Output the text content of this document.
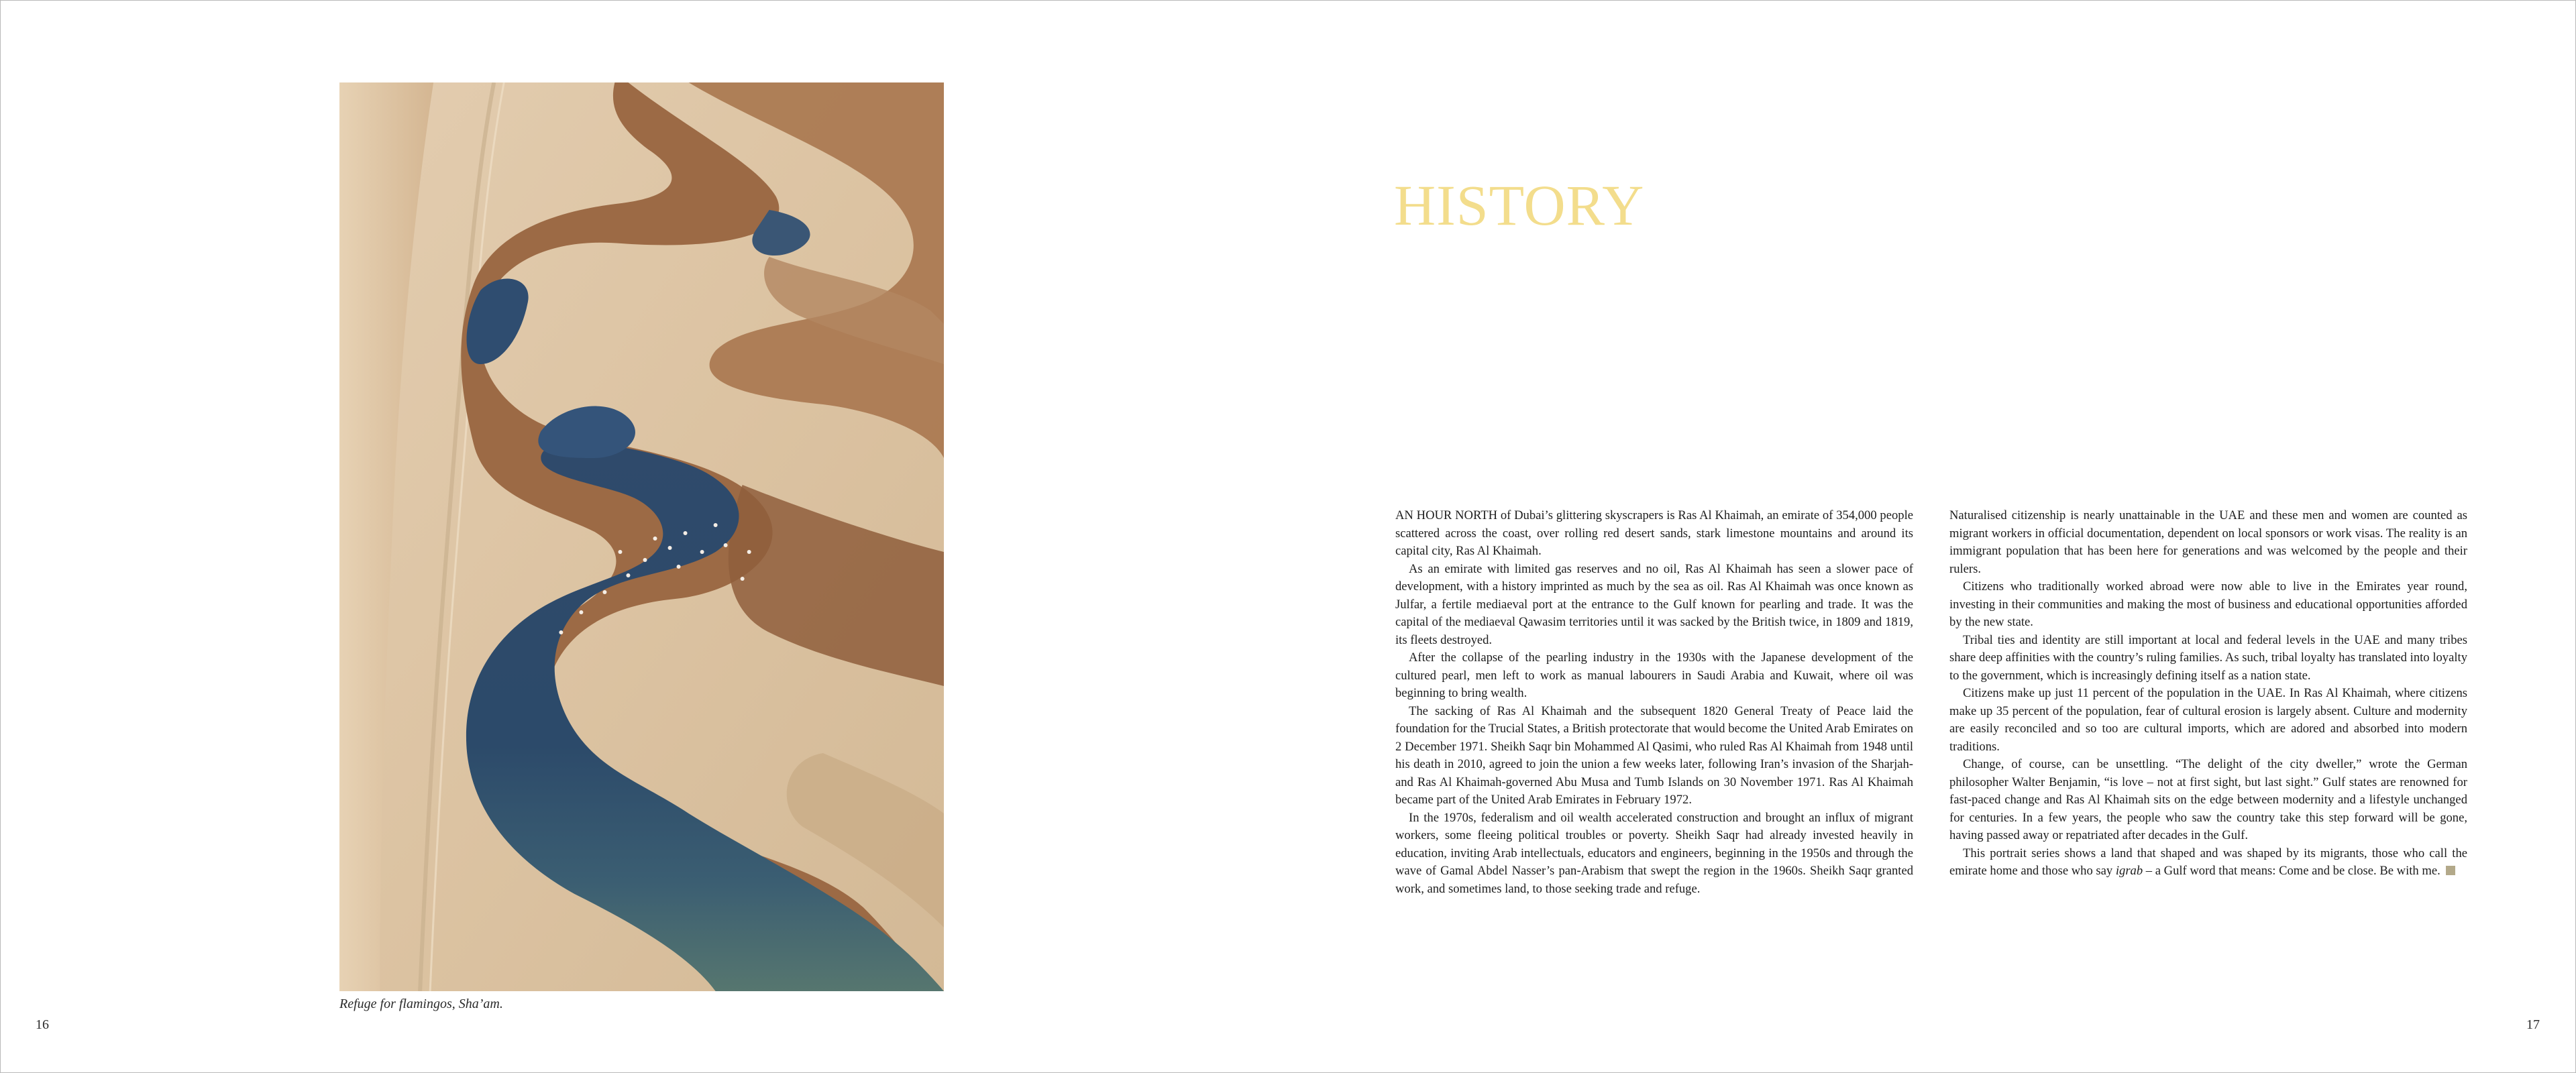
Refuge for flamingos, Sha’am.
16
HISTORY

AN HOUR NORTH of Dubai’s glittering skyscrapers is Ras Al Khaimah, an emirate of 354,000 people scattered across the coast, over rolling red desert sands, stark limestone mountains and around its capital city, Ras Al Khaimah.

As an emirate with limited gas reserves and no oil, Ras Al Khaimah has seen a slower pace of development, with a history imprinted as much by the sea as oil. Ras Al Khaimah was once known as Julfar, a fertile mediaeval port at the entrance to the Gulf known for pearling and trade. It was the capital of the mediaeval Qawasim territories until it was sacked by the British twice, in 1809 and 1819, its fleets destroyed.

After the collapse of the pearling industry in the 1930s with the Japanese development of the cultured pearl, men left to work as manual labourers in Saudi Arabia and Kuwait, where oil was beginning to bring wealth.

The sacking of Ras Al Khaimah and the subsequent 1820 General Treaty of Peace laid the foundation for the Trucial States, a British protectorate that would become the United Arab Emirates on 2 December 1971. Sheikh Saqr bin Mohammed Al Qasimi, who ruled Ras Al Khaimah from 1948 until his death in 2010, agreed to join the union a few weeks later, following Iran’s invasion of the Sharjah- and Ras Al Khaimah-governed Abu Musa and Tumb Islands on 30 November 1971. Ras Al Khaimah became part of the United Arab Emirates in February 1972.

In the 1970s, federalism and oil wealth accelerated construction and brought an influx of migrant workers, some fleeing political troubles or poverty. Sheikh Saqr had already invested heavily in education, inviting Arab intellectuals, educators and engineers, beginning in the 1950s and through the wave of Gamal Abdel Nasser’s pan-Arabism that swept the region in the 1960s. Sheikh Saqr granted work, and sometimes land, to those seeking trade and refuge.

Naturalised citizenship is nearly unattainable in the UAE and these men and women are counted as migrant workers in official documentation, dependent on local sponsors or work visas. The reality is an immigrant population that has been here for generations and was welcomed by the people and their rulers.

Citizens who traditionally worked abroad were now able to live in the Emirates year round, investing in their communities and making the most of business and educational opportunities afforded by the new state.

Tribal ties and identity are still important at local and federal levels in the UAE and many tribes share deep affinities with the country’s ruling families. As such, tribal loyalty has translated into loyalty to the government, which is increasingly defining itself as a nation state.

Citizens make up just 11 percent of the population in the UAE. In Ras Al Khaimah, where citizens make up 35 percent of the population, fear of cultural erosion is largely absent. Culture and modernity are easily reconciled and so too are cultural imports, which are adored and absorbed into modern traditions.

Change, of course, can be unsettling. “The delight of the city dweller,” wrote the German philosopher Walter Benjamin, “is love – not at first sight, but last sight.” Gulf states are renowned for fast-paced change and Ras Al Khaimah sits on the edge between modernity and a lifestyle unchanged for centuries. In a few years, the people who saw the country take this step forward will be gone, having passed away or repatriated after decades in the Gulf.

This portrait series shows a land that shaped and was shaped by its migrants, those who call the emirate home and those who say igrab – a Gulf word that means: Come and be close. Be with me.

17
